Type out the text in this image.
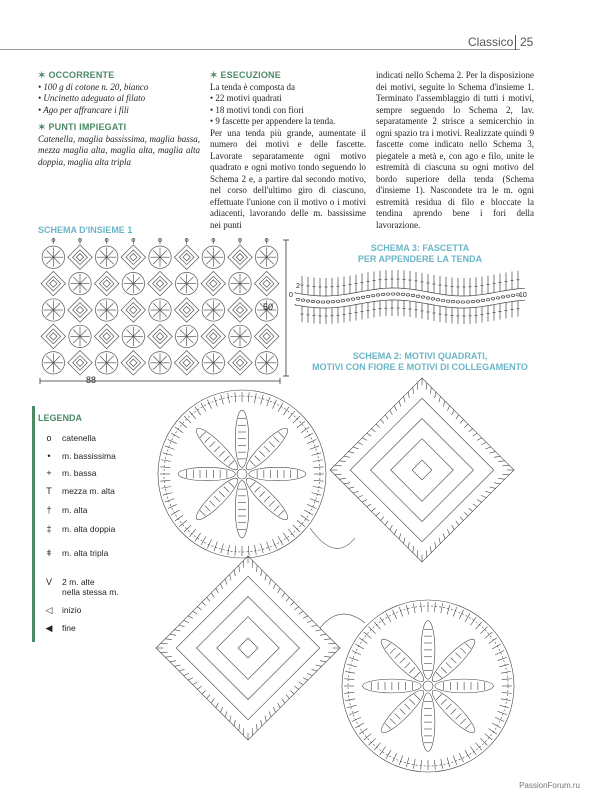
Classico 25
✶ OCCORRENTE
• 100 g di cotone n. 20, bianco
• Uncinetto adeguato al filato
• Ago per affrancare i fili
✶ PUNTI IMPIEGATI
Catenella, maglia bassissima, maglia bassa, mezza maglia alta, maglia alta, maglia alta doppia, maglia alta tripla
✶ ESECUZIONE
La tenda è composta da
• 22 motivi quadrati
• 18 motivi tondi con fiori
• 9 fascette per appendere la tenda.
Per una tenda più grande, aumentate il numero dei motivi e delle fascette. Lavorate separatamente ogni motivo quadrato e ogni motivo tondo seguendo lo Schema 2 e, a partire dal secondo motivo, nel corso dell'ultimo giro di ciascuno, effettuate l'unione con il motivo o i motivi adiacenti, lavorando delle m. bassissime nei punti
indicati nello Schema 2. Per la disposizione dei motivi, seguite lo Schema d'insieme 1. Terminato l'assemblaggio di tutti i motivi, sempre seguendo lo Schema 2, lav. separatamente 2 strisce a semicerchio in ogni spazio tra i motivi. Realizzate quindi 9 fascette come indicato nello Schema 3, piegatele a metà e, con ago e filo, unite le estremità di ciascuna su ogni motivo del bordo superiore della tenda (Schema d'insieme 1). Nascondete tra le m. ogni estremità residua di filo e bloccate la tendina aprendo bene i fori della lavorazione.
SCHEMA D'INSIEME 1
88
50
SCHEMA 3: FASCETTA
PER APPENDERE LA TENDA
0
2
10
SCHEMA 2: MOTIVI QUADRATI,
MOTIVI CON FIORE E MOTIVI DI COLLEGAMENTO
LEGENDA
o	catenella
•	m. bassissima
+	m. bassa
T	mezza m. alta
†	m. alta
‡	m. alta doppia
ǂ	m. alta tripla
V	2 m. alte
nella stessa m.
◁	inizio
◀	fine
PassionForum.ru
